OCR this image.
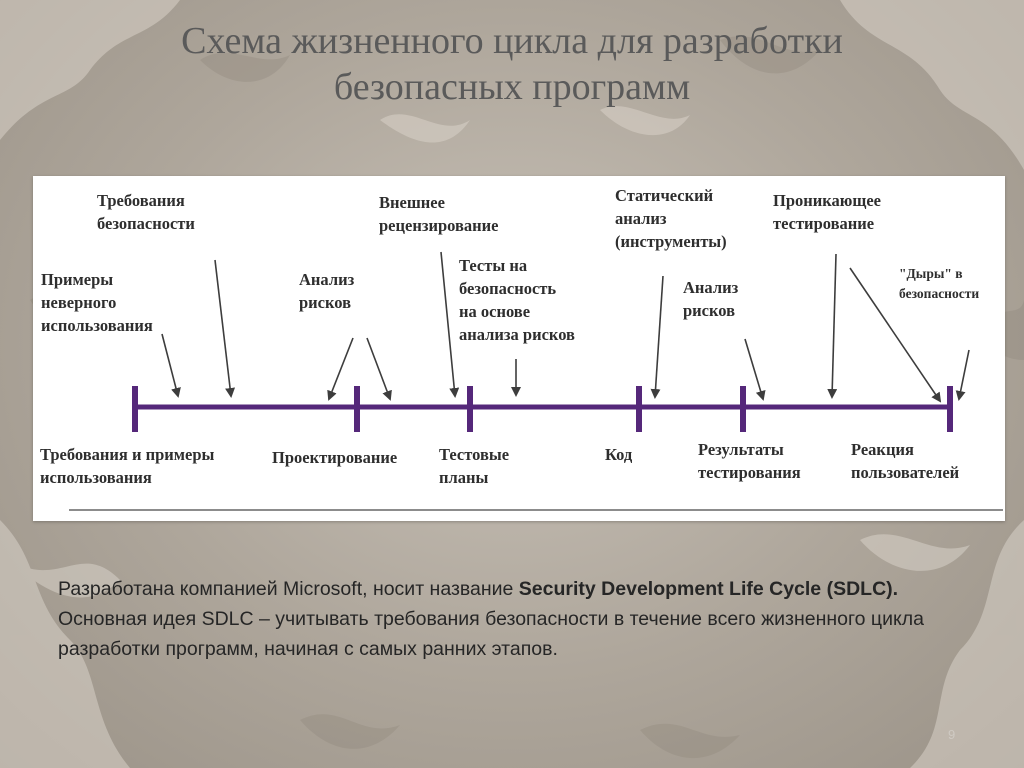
Схема жизненного цикла для разработки
безопасных программ

Требования
безопасности

Примеры
неверного
использования

Анализ
рисков

Внешнее
рецензирование

Тесты на
безопасность
на основе
анализа рисков

Статический
анализ
(инструменты)

Анализ
рисков

Проникающее
тестирование

"Дыры" в
безопасности

Требования и примеры
использования

Проектирование	Тестовые
планы

Код	Результаты
тестирования

Реакция
пользователей

Разработана компанией Microsoft, носит название Security Development Life Cycle (SDLC).
Основная идея SDLC – учитывать требования безопасности в течение всего жизненного цикла разработки программ, начиная с самых ранних этапов.
9
